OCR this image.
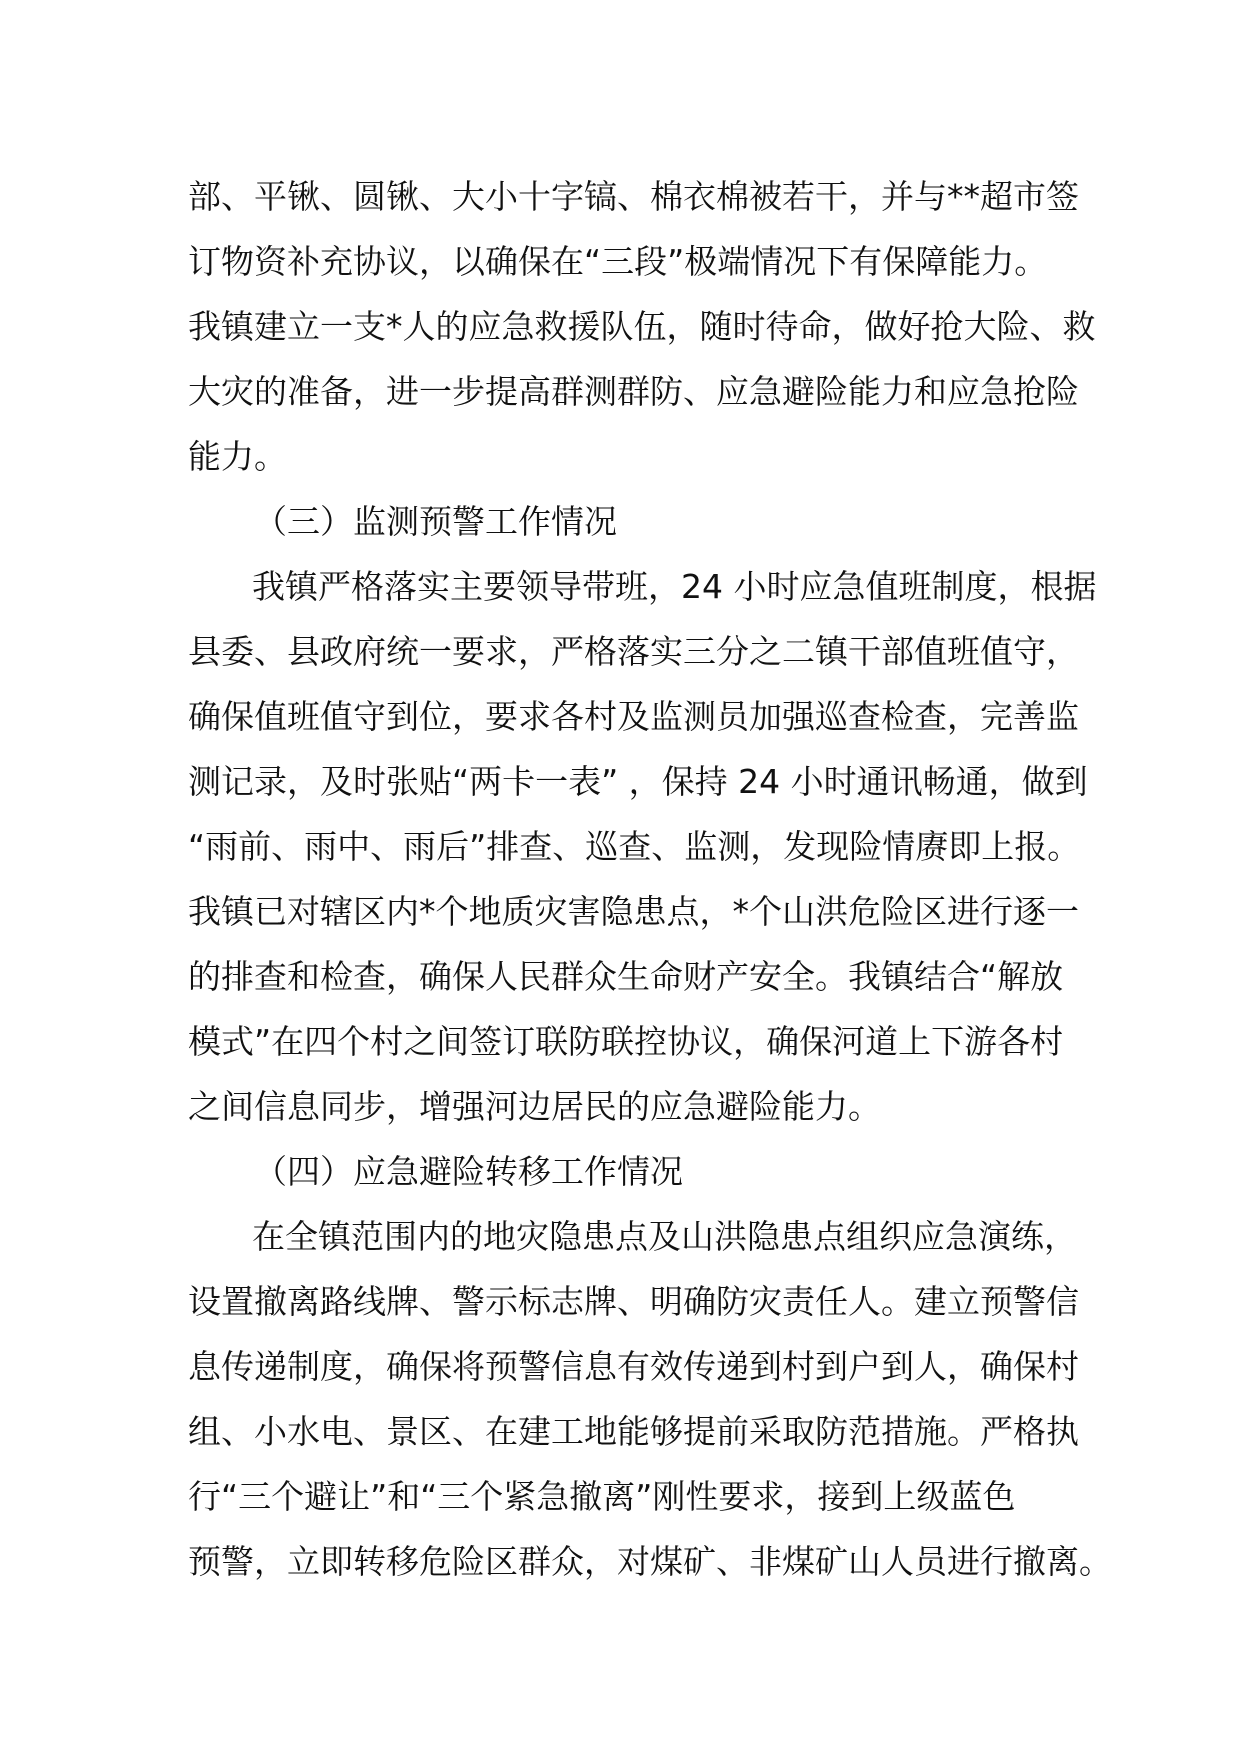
部、平锹、圆锹、大小十字镐、棉衣棉被若干，并与**超市签
订物资补充协议，以确保在“三段”极端情况下有保障能力。
我镇建立一支*人的应急救援队伍，随时待命，做好抢大险、救
大灾的准备，进一步提高群测群防、应急避险能力和应急抢险
能力。
（三）监测预警工作情况
我镇严格落实主要领导带班，24 小时应急值班制度，根据
县委、县政府统一要求，严格落实三分之二镇干部值班值守，
确保值班值守到位，要求各村及监测员加强巡查检查，完善监
测记录，及时张贴“两卡一表” ，保持 24 小时通讯畅通，做到
“雨前、雨中、雨后”排查、巡查、监测，发现险情赓即上报。
我镇已对辖区内*个地质灾害隐患点，*个山洪危险区进行逐一
的排查和检查，确保人民群众生命财产安全。我镇结合“解放
模式”在四个村之间签订联防联控协议，确保河道上下游各村
之间信息同步，增强河边居民的应急避险能力。
（四）应急避险转移工作情况
在全镇范围内的地灾隐患点及山洪隐患点组织应急演练，
设置撤离路线牌、警示标志牌、明确防灾责任人。建立预警信
息传递制度，确保将预警信息有效传递到村到户到人，确保村
组、小水电、景区、在建工地能够提前采取防范措施。严格执
行“三个避让”和“三个紧急撤离”刚性要求，接到上级蓝色
预警，立即转移危险区群众，对煤矿、非煤矿山人员进行撤离。
